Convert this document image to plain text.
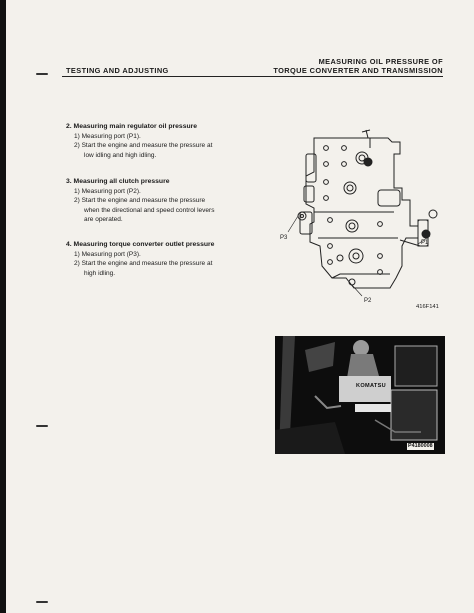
TESTING AND ADJUSTING
MEASURING OIL PRESSURE OF
TORQUE CONVERTER AND TRANSMISSION
2. Measuring main regulator oil pressure
1) Measuring port (P1).
2) Start the engine and measure the pressure at
low idling and high idling.
3. Measuring all clutch pressure
1) Measuring port (P2).
2) Start the engine and measure the pressure
when the directional and speed control levers
are operated.
4. Measuring torque converter outlet pressure
1) Measuring port (P3).
2) Start the engine and measure the pressure at
high idling.
P3
P1
P2
416F141
KOMATSU
P4180008
